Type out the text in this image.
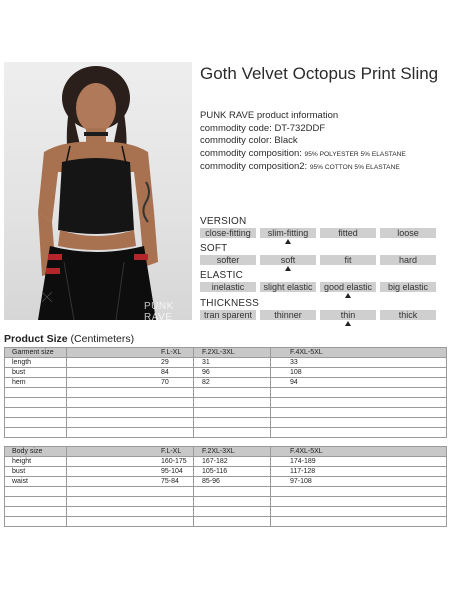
PUNK RAVE
Goth Velvet Octopus Print Sling
PUNK RAVE product information
commodity code: DT-732DDF
commodity color: Black
commodity composition: 95% POLYESTER 5% ELASTANE
commodity composition2: 95% COTTON 5% ELASTANE
VERSION
close-fitting	slim-fitting	fitted	loose
SOFT
softer	soft	fit	hard
ELASTIC
inelastic	slight elastic	good elastic	big elastic
THICKNESS
tran sparent	thinner	thin	thick
Product Size (Centimeters)
Garment size	F.L-XL	F.2XL-3XL	F.4XL-5XL
length	29	31	33
bust	84	96	108
hem	70	82	94

Body size	F.L-XL	F.2XL-3XL	F.4XL-5XL
height	160-175	167-182	174-189
bust	95-104	105-116	117-128
waist	75-84	85-96	97-108
